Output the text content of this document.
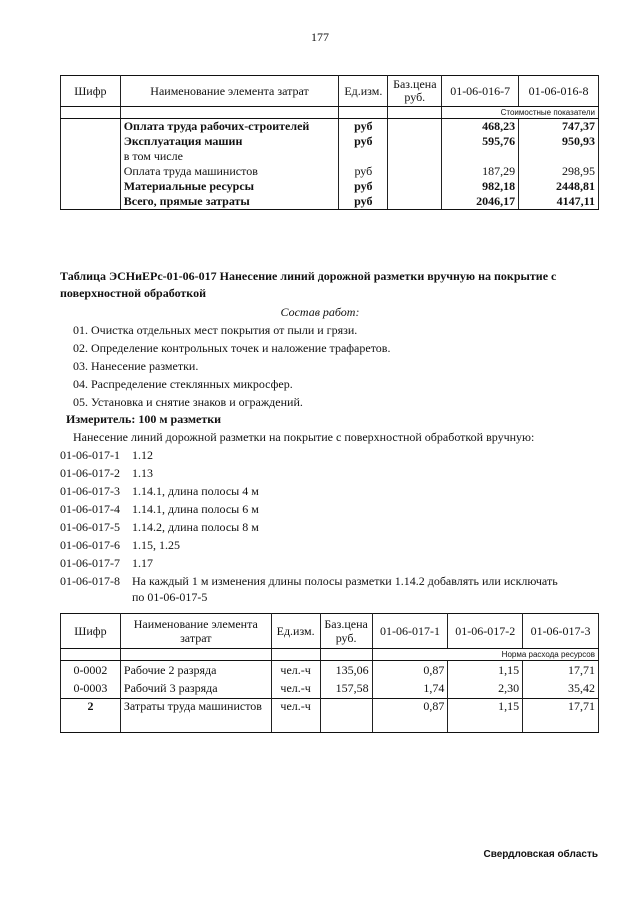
177
Шифр	Наименование элемента затрат	Ед.изм.	Баз.цена руб.	01-06-016-7	01-06-016-8
				Стоимостные показатели	
	Оплата труда рабочих-строителей	руб		468,23	747,37
	Эксплуатация машин	руб		595,76	950,93
	в том числе				
	Оплата труда машинистов	руб		187,29	298,95
	Материальные ресурсы	руб		982,18	2448,81
	Всего, прямые затраты	руб		2046,17	4147,11
Таблица ЭСНиЕРс-01-06-017 Нанесение линий дорожной разметки вручную на покрытие с
поверхностной обработкой
Состав работ:
01. Очистка отдельных мест покрытия от пыли и грязи.
02. Определение контрольных точек и наложение трафаретов.
03. Нанесение разметки.
04. Распределение стеклянных микросфер.
05. Установка и снятие знаков и ограждений.
Измеритель: 100 м разметки
Нанесение линий дорожной разметки на покрытие с поверхностной обработкой вручную:
01-06-017-1 1.12
01-06-017-2 1.13
01-06-017-3 1.14.1, длина полосы 4 м
01-06-017-4 1.14.1, длина полосы 6 м
01-06-017-5 1.14.2, длина полосы 8 м
01-06-017-6 1.15, 1.25
01-06-017-7 1.17
01-06-017-8 На каждый 1 м изменения длины полосы разметки 1.14.2 добавлять или исключать
по 01-06-017-5
Шифр	Наименование элемента затрат	Ед.изм.	Баз.цена руб.	01-06-017-1	01-06-017-2	01-06-017-3
				Норма расхода ресурсов		
0-0002	Рабочие 2 разряда	чел.-ч	135,06	0,87	1,15	17,71
0-0003	Рабочий 3 разряда	чел.-ч	157,58	1,74	2,30	35,42
2	Затраты труда машинистов	чел.-ч		0,87	1,15	17,71
Свердловская область
